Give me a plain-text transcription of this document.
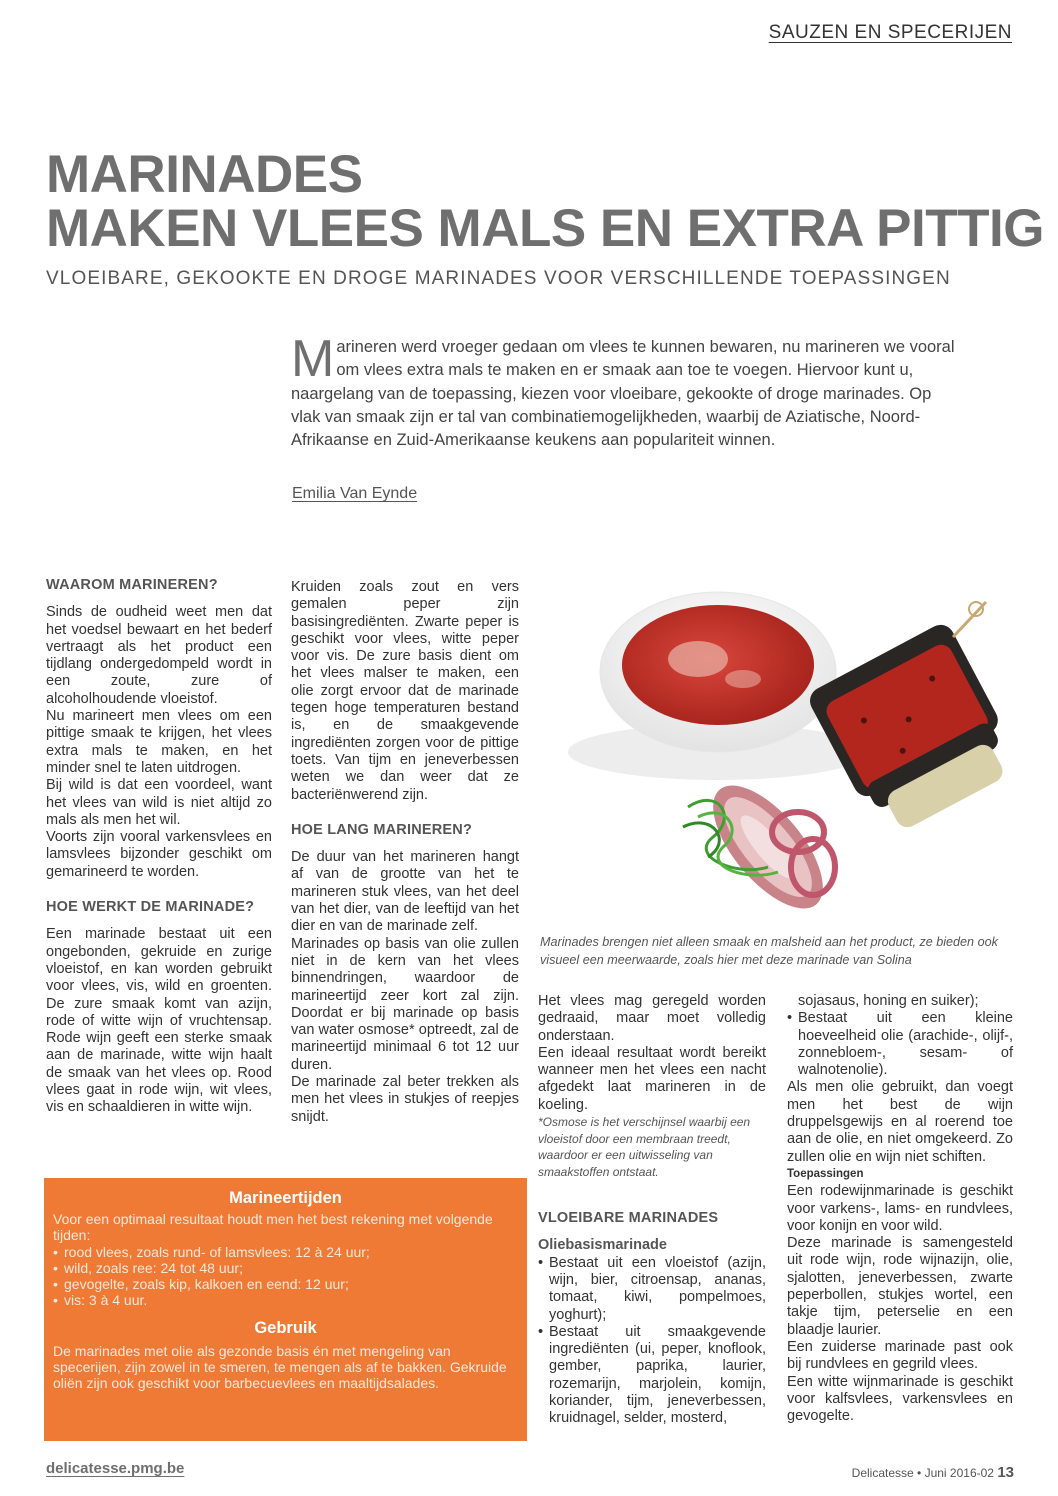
SAUZEN EN SPECERIJEN
MARINADES
MAKEN VLEES MALS EN EXTRA PITTIG
VLOEIBARE, GEKOOKTE EN DROGE MARINADES VOOR VERSCHILLENDE TOEPASSINGEN
Marineren werd vroeger gedaan om vlees te kunnen bewaren, nu marineren we vooral om vlees extra mals te maken en er smaak aan toe te voegen. Hiervoor kunt u, naargelang van de toepassing, kiezen voor vloeibare, gekookte of droge marinades. Op vlak van smaak zijn er tal van combinatiemogelijkheden, waarbij de Aziatische, Noord-Afrikaanse en Zuid-Amerikaanse keukens aan populariteit winnen.
Emilia Van Eynde
WAAROM MARINEREN?

Sinds de oudheid weet men dat het voedsel bewaart en het bederf vertraagt als het product een tijdlang ondergedompeld wordt in een zoute, zure of alcoholhoudende vloeistof.

Nu marineert men vlees om een pittige smaak te krijgen, het vlees extra mals te maken, en het minder snel te laten uitdrogen.

Bij wild is dat een voordeel, want het vlees van wild is niet altijd zo mals als men het wil.

Voorts zijn vooral varkensvlees en lamsvlees bijzonder geschikt om gemarineerd te worden.

HOE WERKT DE MARINADE?

Een marinade bestaat uit een ongebonden, gekruide en zurige vloeistof, en kan worden gebruikt voor vlees, vis, wild en groenten. De zure smaak komt van azijn, rode of witte wijn of vruchtensap. Rode wijn geeft een sterke smaak aan de marinade, witte wijn haalt de smaak van het vlees op. Rood vlees gaat in rode wijn, wit vlees, vis en schaaldieren in witte wijn.

Kruiden zoals zout en vers gemalen peper zijn basisingrediënten. Zwarte peper is geschikt voor vlees, witte peper voor vis. De zure basis dient om het vlees malser te maken, een olie zorgt ervoor dat de marinade tegen hoge temperaturen bestand is, en de smaakgevende ingrediënten zorgen voor de pittige toets. Van tijm en jeneverbessen weten we dan weer dat ze bacteriënwerend zijn.

HOE LANG MARINEREN?

De duur van het marineren hangt af van de grootte van het te marineren stuk vlees, van het deel van het dier, van de leeftijd van het dier en van de marinade zelf.

Marinades op basis van olie zullen niet in de kern van het vlees binnendringen, waardoor de marineertijd zeer kort zal zijn. Doordat er bij marinade op basis van water osmose* optreedt, zal de marineertijd minimaal 6 tot 12 uur duren.

De marinade zal beter trekken als men het vlees in stukjes of reepjes snijdt.

Marinades brengen niet alleen smaak en malsheid aan het product, ze bieden ook visueel een meerwaarde, zoals hier met deze marinade van Solina

Het vlees mag geregeld worden gedraaid, maar moet volledig onderstaan.

Een ideaal resultaat wordt bereikt wanneer men het vlees een nacht afgedekt laat marineren in de koeling.

*Osmose is het verschijnsel waarbij een vloeistof door een membraan treedt, waardoor er een uitwisseling van smaakstoffen ontstaat.

VLOEIBARE MARINADES
Oliebasismarinade
• Bestaat uit een vloeistof (azijn, wijn, bier, citroensap, ananas, tomaat, kiwi, pompelmoes, yoghurt);
• Bestaat uit smaakgevende ingrediënten (ui, peper, knoflook, gember, paprika, laurier, rozemarijn, marjolein, komijn, koriander, tijm, jeneverbessen, kruidnagel, selder, mosterd,

sojasaus, honing en suiker);

• Bestaat uit een kleine hoeveelheid olie (arachide-, olijf-, zonnebloem-, sesam- of walnotenolie).

Als men olie gebruikt, dan voegt men het best de wijn druppelsgewijs en al roerend toe aan de olie, en niet omgekeerd. Zo zullen olie en wijn niet schiften.

Toepassingen

Een rodewijnmarinade is geschikt voor varkens-, lams- en rundvlees, voor konijn en voor wild.

Deze marinade is samengesteld uit rode wijn, rode wijnazijn, olie, sjalotten, jeneverbessen, zwarte peperbollen, stukjes wortel, een takje tijm, peterselie en een blaadje laurier.

Een zuiderse marinade past ook bij rundvlees en gegrild vlees.

Een witte wijnmarinade is geschikt voor kalfsvlees, varkensvlees en gevogelte.

Marineertijden
Voor een optimaal resultaat houdt men het best rekening met volgende tijden:
• rood vlees, zoals rund- of lamsvlees: 12 à 24 uur;
• wild, zoals ree: 24 tot 48 uur;
• gevogelte, zoals kip, kalkoen en eend: 12 uur;
• vis: 3 à 4 uur.
Gebruik
De marinades met olie als gezonde basis én met mengeling van specerijen, zijn zowel in te smeren, te mengen als af te bakken. Gekruide oliën zijn ook geschikt voor barbecuevlees en maaltijdsalades.
delicatesse.pmg.be	Delicatesse • Juni 2016-02 13
